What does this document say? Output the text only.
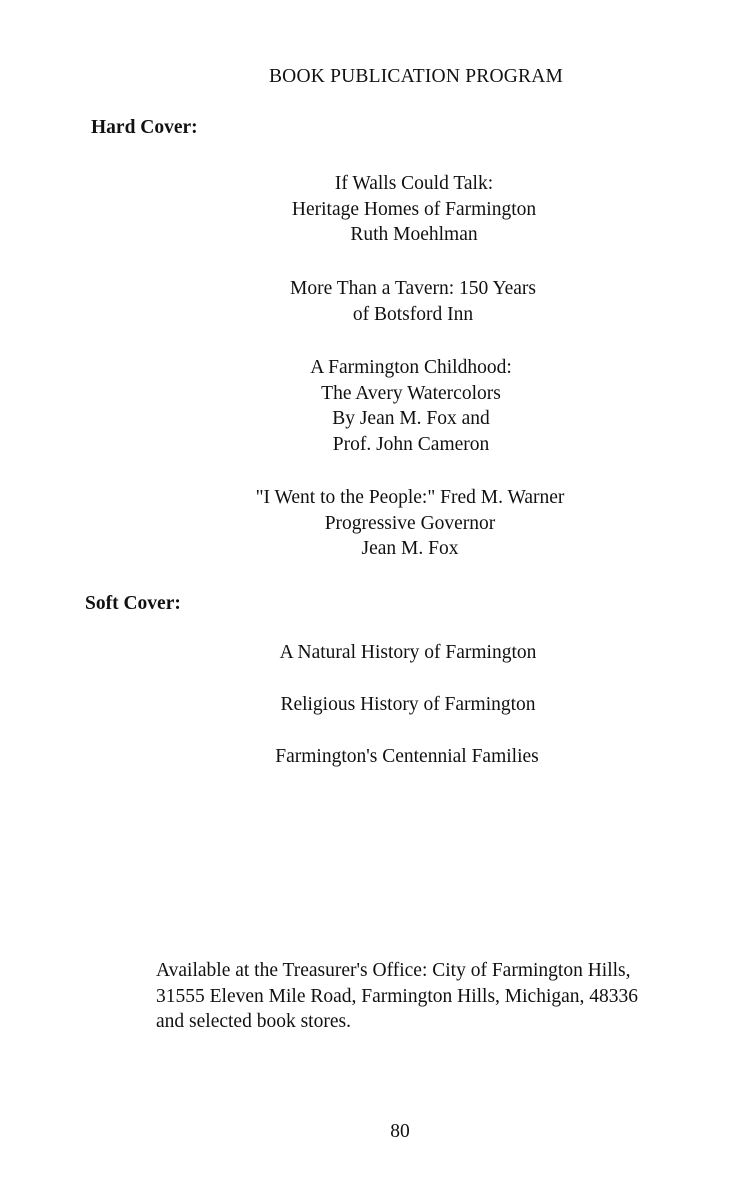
BOOK PUBLICATION PROGRAM
Hard Cover:
If Walls Could Talk:
Heritage Homes of Farmington
Ruth Moehlman
More Than a Tavern: 150 Years
of Botsford Inn
A Farmington Childhood:
The Avery Watercolors
By Jean M. Fox and
Prof. John Cameron
"I Went to the People:" Fred M. Warner
Progressive Governor
Jean M. Fox
Soft Cover:
A Natural History of Farmington
Religious History of Farmington
Farmington's Centennial Families
Available at the Treasurer's Office: City of Farmington Hills,
31555 Eleven Mile Road, Farmington Hills, Michigan, 48336
and selected book stores.
80
